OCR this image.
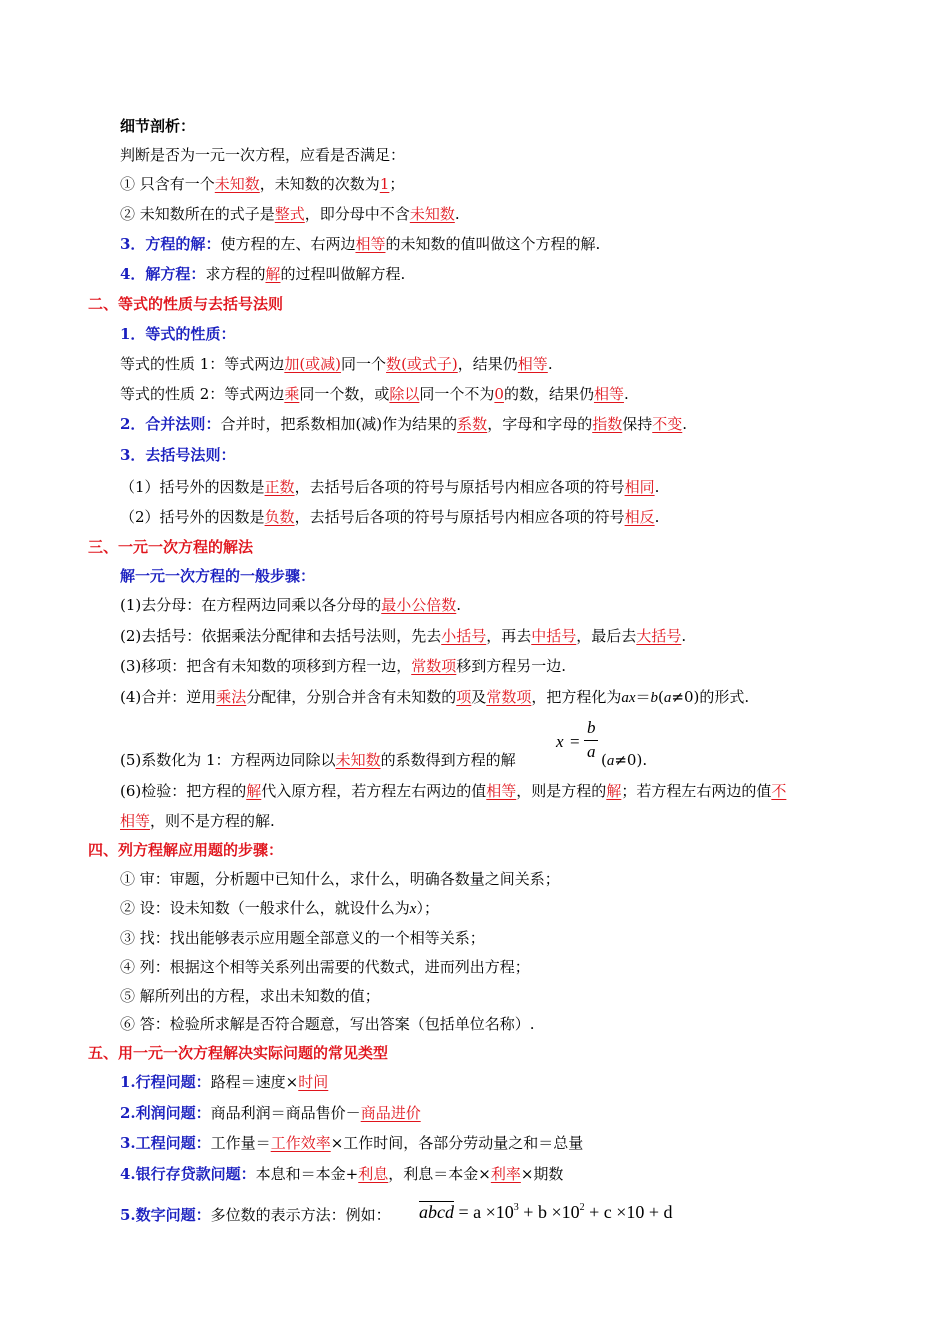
细节剖析：
判断是否为一元一次方程，应看是否满足：
① 只含有一个未知数，未知数的次数为1；
② 未知数所在的式子是整式，即分母中不含未知数.
3．方程的解：使方程的左、右两边相等的未知数的值叫做这个方程的解.
4．解方程：求方程的解的过程叫做解方程.
二、等式的性质与去括号法则
1．等式的性质：
等式的性质 1：等式两边加(或减)同一个数(或式子)，结果仍相等.
等式的性质 2：等式两边乘同一个数，或除以同一个不为0的数，结果仍相等.
2．合并法则：合并时，把系数相加(减)作为结果的系数，字母和字母的指数保持不变.
3．去括号法则：
（1）括号外的因数是正数，去括号后各项的符号与原括号内相应各项的符号相同.
（2）括号外的因数是负数，去括号后各项的符号与原括号内相应各项的符号相反.
三、一元一次方程的解法
解一元一次方程的一般步骤：
(1)去分母：在方程两边同乘以各分母的最小公倍数.
(2)去括号：依据乘法分配律和去括号法则，先去小括号，再去中括号，最后去大括号.
(3)移项：把含有未知数的项移到方程一边，常数项移到方程另一边.
(4)合并：逆用乘法分配律，分别合并含有未知数的项及常数项，把方程化为ax＝b(a≠0)的形式.
x =
b
a
(5)系数化为 1：方程两边同除以未知数的系数得到方程的解	(a≠0).
(6)检验：把方程的解代入原方程，若方程左右两边的值相等，则是方程的解；若方程左右两边的值不
相等，则不是方程的解.
四、列方程解应用题的步骤：
① 审：审题，分析题中已知什么，求什么，明确各数量之间关系；
② 设：设未知数（一般求什么，就设什么为x）；
③ 找：找出能够表示应用题全部意义的一个相等关系；
④ 列：根据这个相等关系列出需要的代数式，进而列出方程；
⑤ 解所列出的方程，求出未知数的值；
⑥ 答：检验所求解是否符合题意，写出答案（包括单位名称）.
五、用一元一次方程解决实际问题的常见类型
1.行程问题：路程＝速度×时间
2.利润问题：商品利润＝商品售价－商品进价
3.工程问题：工作量＝工作效率×工作时间，各部分劳动量之和＝总量
4.银行存贷款问题：本息和＝本金+利息，利息＝本金×利率×期数
5.数字问题：多位数的表示方法：例如： abcd = $a \times 10^3 + b \times 10^2 + c \times 10 + d$
